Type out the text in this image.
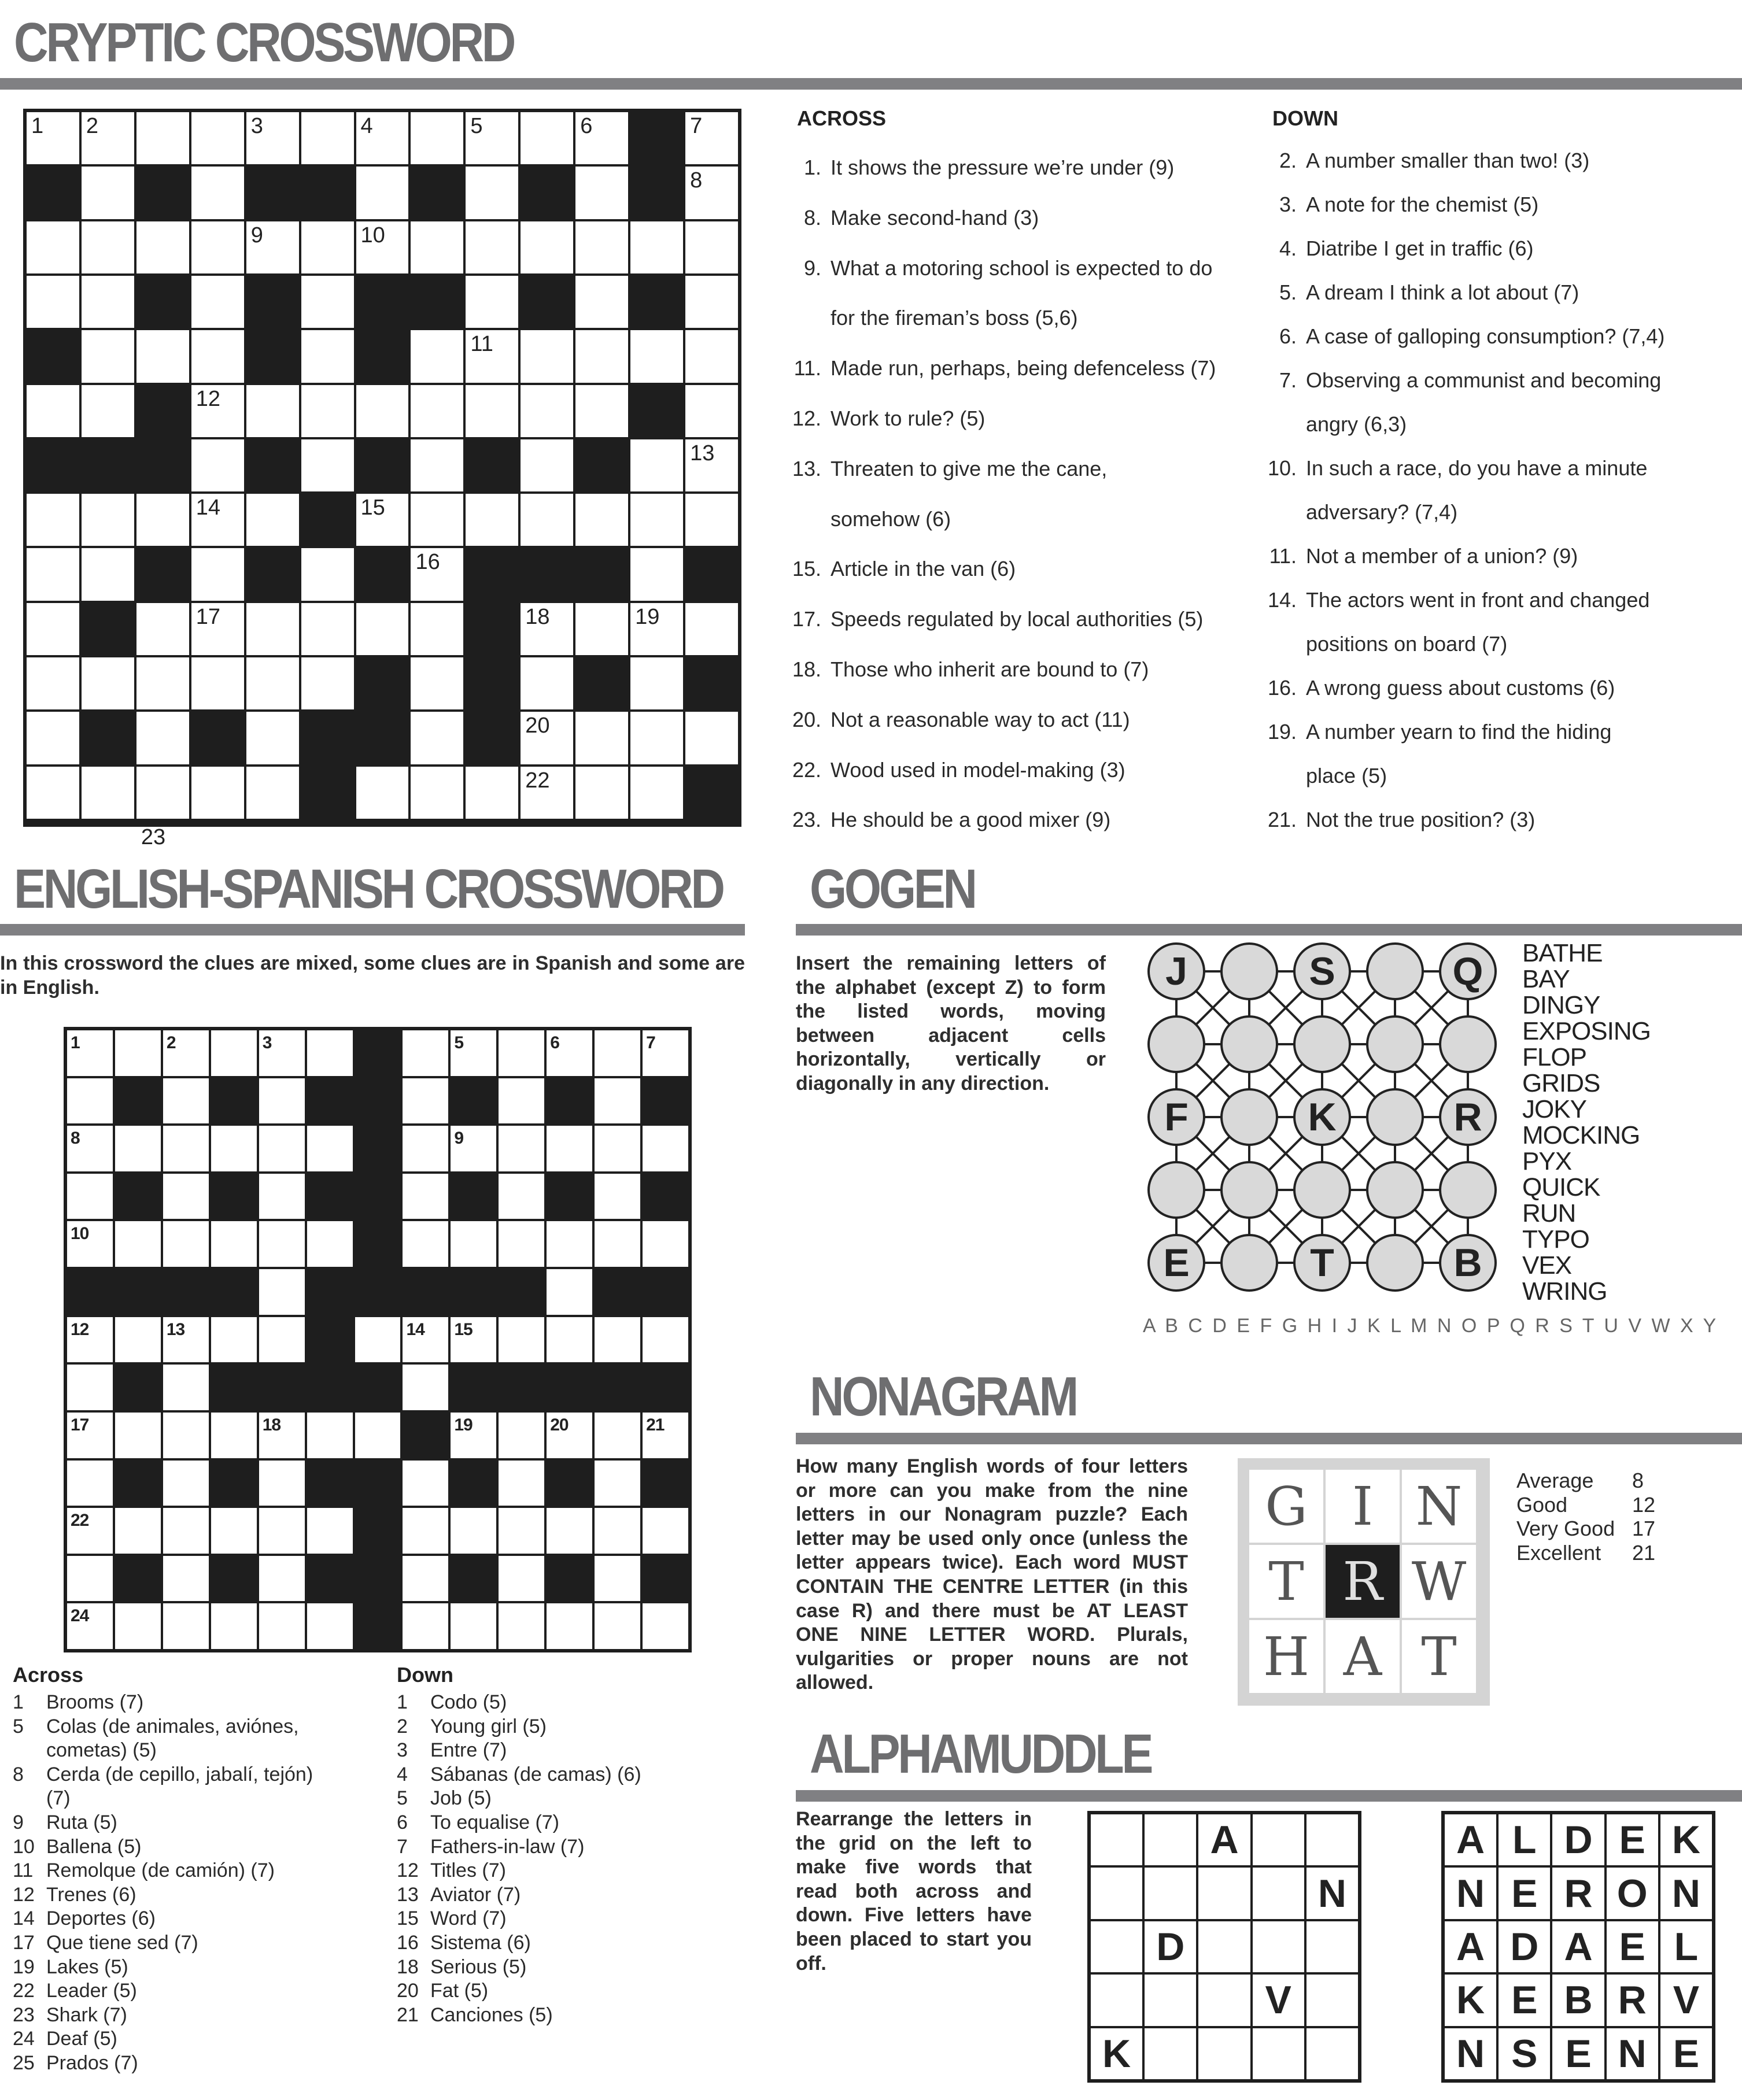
CRYPTIC CROSSWORD
1 2	3	4	5	6	7
8
9	10
11
12
13
14	15
16
17	18	19
20
22
23
ACROSS
1. It shows the pressure we’re under (9)
8. Make second-hand (3)
9. What a motoring school is expected to do
for the fireman’s boss (5,6)
11. Made run, perhaps, being defenceless (7)
12. Work to rule? (5)
13. Threaten to give me the cane,
somehow (6)
15. Article in the van (6)
17. Speeds regulated by local authorities (5)
18. Those who inherit are bound to (7)
20. Not a reasonable way to act (11)
22. Wood used in model-making (3)
23. He should be a good mixer (9)
DOWN
2. A number smaller than two! (3)
3. A note for the chemist (5)
4. Diatribe I get in traffic (6)
5. A dream I think a lot about (7)
6. A case of galloping consumption? (7,4)
7. Observing a communist and becoming
angry (6,3)
10. In such a race, do you have a minute
adversary? (7,4)
11. Not a member of a union? (9)
14. The actors went in front and changed
positions on board (7)
16. A wrong guess about customs (6)
19. A number yearn to find the hiding
place (5)
21. Not the true position? (3)
ENGLISH-SPANISH CROSSWORD
In this crossword the clues are mixed, some clues are in Spanish and some are in English.
1	2	3	5	6	7
8	9
10
12	13	14 15
17	18	19	20	21
22
24
Across
1 Brooms (7)
5 Colas (de animales, aviónes,
cometas) (5)
8 Cerda (de cepillo, jabalí, tejón)
(7)
9 Ruta (5)
10 Ballena (5)
11 Remolque (de camión) (7)
12 Trenes (6)
14 Deportes (6)
17 Que tiene sed (7)
19 Lakes (5)
22 Leader (5)
23 Shark (7)
24 Deaf (5)
25 Prados (7)
Down
1 Codo (5)
2 Young girl (5)
3 Entre (7)
4 Sábanas (de camas) (6)
5 Job (5)
6 To equalise (7)
7 Fathers-in-law (7)
12 Titles (7)
13 Aviator (7)
15 Word (7)
16 Sistema (6)
18 Serious (5)
20 Fat (5)
21 Canciones (5)
GOGEN
Insert the remaining letters of the alphabet (except Z) to form the listed words, moving between adjacent cells horizontally, vertically or diagonally in any direction.
J	S	Q
F	K	R
E	T	B
BATHE
BAY
DINGY
EXPOSING
FLOP
GRIDS
JOKY
MOCKING
PYX
QUICK
RUN
TYPO
VEX
WRING
A B C D E F G H I J K L M N O P Q R S T U V W X Y
NONAGRAM
How many English words of four letters or more can you make from the nine letters in our Nonagram puzzle? Each letter may be used only once (unless the letter appears twice). Each word MUST CONTAIN THE CENTRE LETTER (in this case R) and there must be AT LEAST ONE NINE LETTER WORD. Plurals, vulgarities or proper nouns are not allowed.
G I N
T R W
H A T
Average 8
Good	12
Very Good 17
Excellent 21
ALPHAMUDDLE
Rearrange the letters in the grid on the left to make five words that read both across and down. Five letters have been placed to start you off.
A
N
D
V
K
A L D E K
N E R O N
A D A E L
K E B R V
N S E N E
